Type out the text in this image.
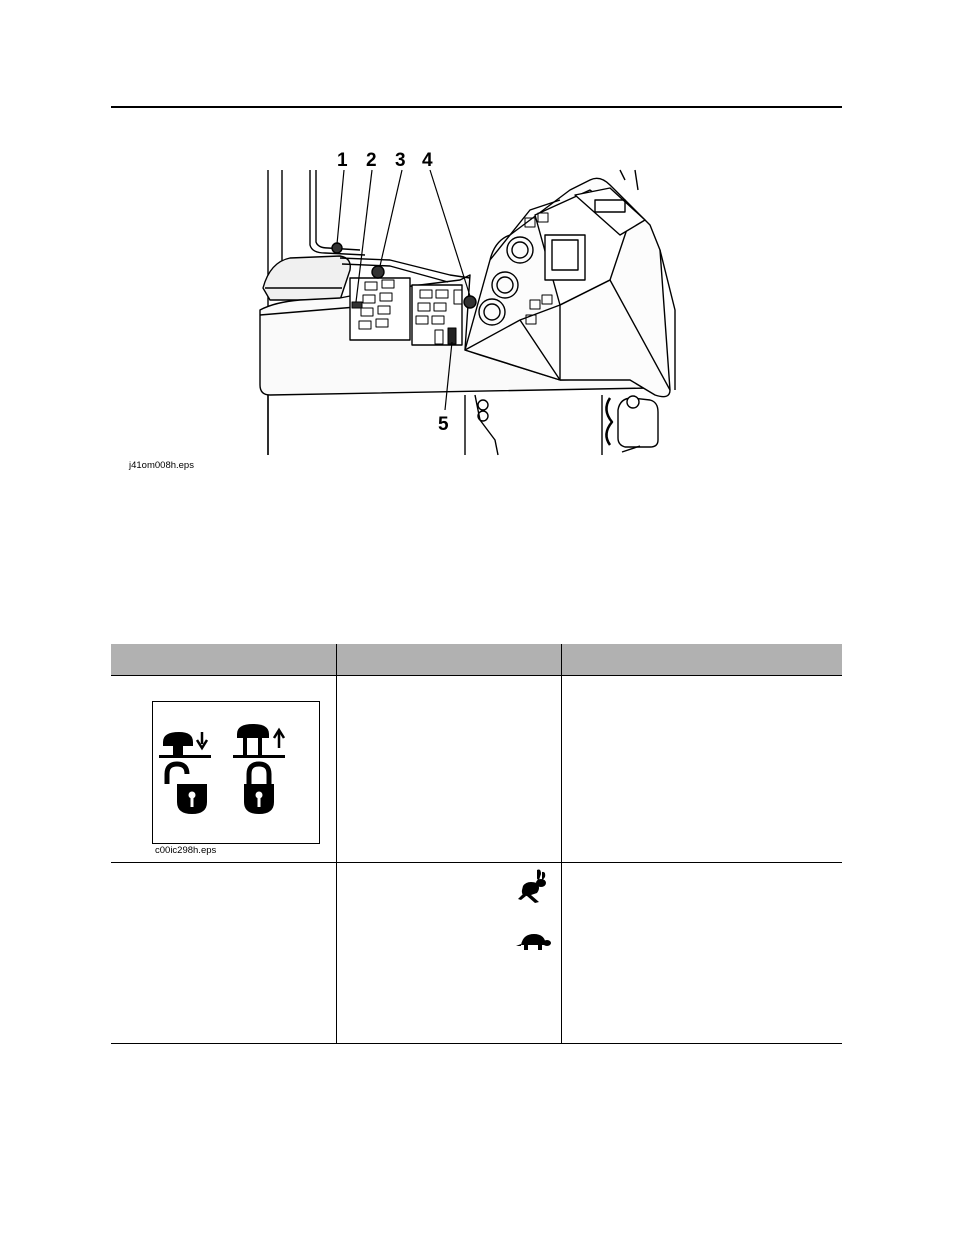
1 2 3 4
5
j41om008h.eps

c00ic298h.eps		
